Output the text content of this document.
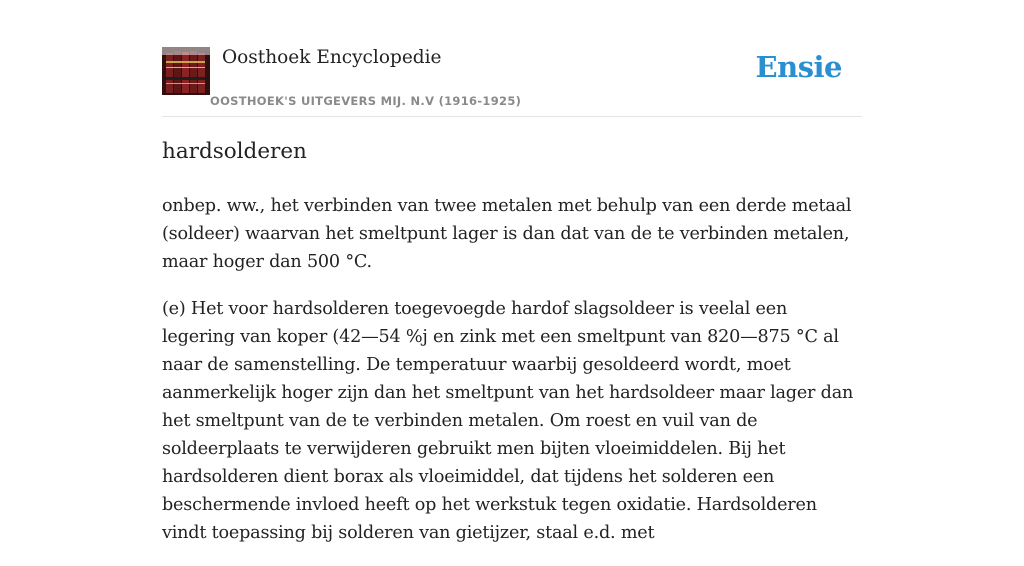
Oosthoek Encyclopedie
OOSTHOEK'S UITGEVERS MIJ. N.V (1916-1925)
Ensie
hardsolderen

onbep. ww., het verbinden van twee metalen met behulp van een derde metaal (soldeer) waarvan het smeltpunt lager is dan dat van de te verbinden metalen, maar hoger dan 500 °C.

(e) Het voor hardsolderen toegevoegde hardof slagsoldeer is veelal een legering van koper (42—54 %j en zink met een smeltpunt van 820—875 °C al naar de samenstelling. De temperatuur waarbij gesoldeerd wordt, moet aanmerkelijk hoger zijn dan het smeltpunt van het hardsoldeer maar lager dan het smeltpunt van de te verbinden metalen. Om roest en vuil van de soldeerplaats te verwijderen gebruikt men bijten vloeimiddelen. Bij het hardsolderen dient borax als vloeimiddel, dat tijdens het solderen een beschermende invloed heeft op het werkstuk tegen oxidatie. Hardsolderen vindt toepassing bij solderen van gietijzer, staal e.d. met
